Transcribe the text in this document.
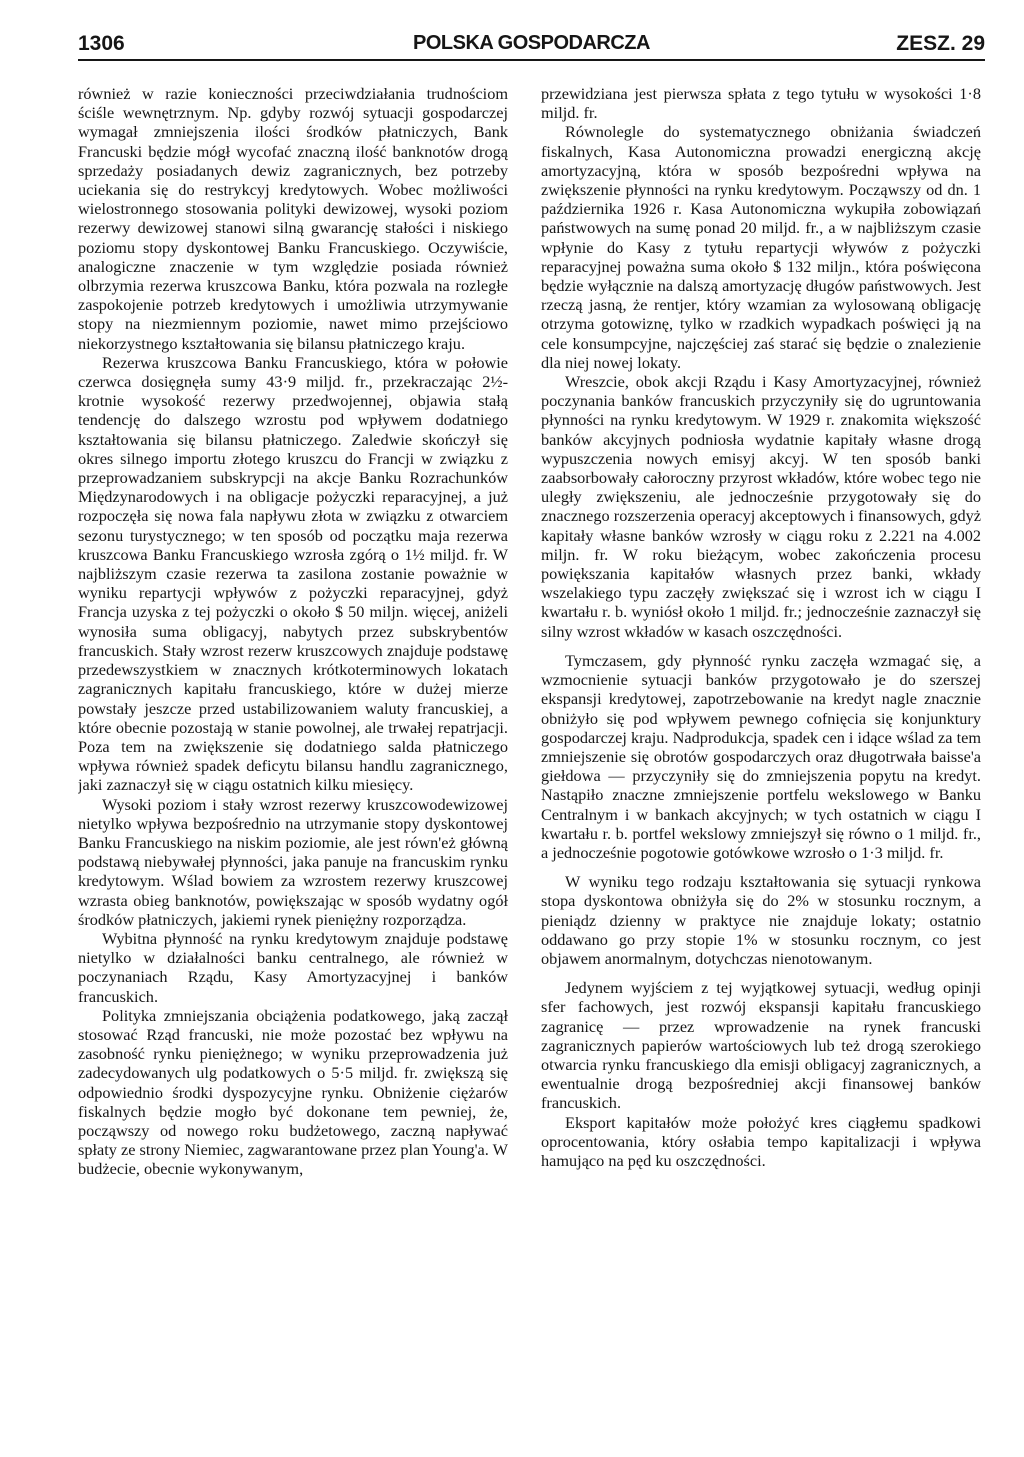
1306	POLSKA GOSPODARCZA	ZESZ. 29

również w razie konieczności przeciwdziałania trudnościom ściśle wewnętrznym. Np. gdyby rozwój sytuacji gospodarczej wymagał zmniejszenia ilości środków płatniczych, Bank Francuski będzie mógł wycofać znaczną ilość banknotów drogą sprzedaży posiadanych dewiz zagranicznych, bez potrzeby uciekania się do restrykcyj kredytowych. Wobec możliwości wielostronnego stosowania polityki dewizowej, wysoki poziom rezerwy dewizowej stanowi silną gwarancję stałości i niskiego poziomu stopy dyskontowej Banku Francuskiego. Oczywiście, analogiczne znaczenie w tym względzie posiada również olbrzymia rezerwa kruszcowa Banku, która pozwala na rozległe zaspokojenie potrzeb kredytowych i umożliwia utrzymywanie stopy na niezmiennym poziomie, nawet mimo przejściowo niekorzystnego kształtowania się bilansu płatniczego kraju.

Rezerwa kruszcowa Banku Francuskiego, która w połowie czerwca dosięgnęła sumy 43·9 miljd. fr., przekraczając 2½-krotnie wysokość rezerwy przedwojennej, objawia stałą tendencję do dalszego wzrostu pod wpływem dodatniego kształtowania się bilansu płatniczego. Zaledwie skończył się okres silnego importu złotego kruszcu do Francji w związku z przeprowadzaniem subskrypcji na akcje Banku Rozrachunków Międzynarodowych i na obligacje pożyczki reparacyjnej, a już rozpoczęła się nowa fala napływu złota w związku z otwarciem sezonu turystycznego; w ten sposób od początku maja rezerwa kruszcowa Banku Francuskiego wzrosła zgórą o 1½ miljd. fr. W najbliższym czasie rezerwa ta zasilona zostanie poważnie w wyniku repartycji wpływów z pożyczki reparacyjnej, gdyż Francja uzyska z tej pożyczki o około $ 50 miljn. więcej, aniżeli wynosiła suma obligacyj, nabytych przez subskrybentów francuskich. Stały wzrost rezerw kruszcowych znajduje podstawę przedewszystkiem w znacznych krótkoterminowych lokatach zagranicznych kapitału francuskiego, które w dużej mierze powstały jeszcze przed ustabilizowaniem waluty francuskiej, a które obecnie pozostają w stanie powolnej, ale trwałej repatrjacji. Poza tem na zwiększenie się dodatniego salda płatniczego wpływa również spadek deficytu bilansu handlu zagranicznego, jaki zaznaczył się w ciągu ostatnich kilku miesięcy.

Wysoki poziom i stały wzrost rezerwy kruszcowodewizowej nietylko wpływa bezpośrednio na utrzymanie stopy dyskontowej Banku Francuskiego na niskim poziomie, ale jest równ'eż główną podstawą niebywałej płynności, jaka panuje na francuskim rynku kredytowym. Wślad bowiem za wzrostem rezerwy kruszcowej wzrasta obieg banknotów, powiększając w sposób wydatny ogół środków płatniczych, jakiemi rynek pieniężny rozporządza.

Wybitna płynność na rynku kredytowym znajduje podstawę nietylko w działalności banku centralnego, ale również w poczynaniach Rządu, Kasy Amortyzacyjnej i banków francuskich.

Polityka zmniejszania obciążenia podatkowego, jaką zaczął stosować Rząd francuski, nie może pozostać bez wpływu na zasobność rynku pieniężnego; w wyniku przeprowadzenia już zadecydowanych ulg podatkowych o 5·5 miljd. fr. zwiększą się odpowiednio środki dyspozycyjne rynku. Obniżenie ciężarów fiskalnych będzie mogło być dokonane tem pewniej, że, począwszy od nowego roku budżetowego, zaczną napływać spłaty ze strony Niemiec, zagwarantowane przez plan Young'a. W budżecie, obecnie wykonywanym,

przewidziana jest pierwsza spłata z tego tytułu w wysokości 1·8 miljd. fr.

Równolegle do systematycznego obniżania świadczeń fiskalnych, Kasa Autonomiczna prowadzi energiczną akcję amortyzacyjną, która w sposób bezpośredni wpływa na zwiększenie płynności na rynku kredytowym. Począwszy od dn. 1 października 1926 r. Kasa Autonomiczna wykupiła zobowiązań państwowych na sumę ponad 20 miljd. fr., a w najbliższym czasie wpłynie do Kasy z tytułu repartycji wływów z pożyczki reparacyjnej poważna suma około $ 132 miljn., która poświęcona będzie wyłącznie na dalszą amortyzację długów państwowych. Jest rzeczą jasną, że rentjer, który wzamian za wylosowaną obligację otrzyma gotowiznę, tylko w rzadkich wypadkach poświęci ją na cele konsumpcyjne, najczęściej zaś starać się będzie o znalezienie dla niej nowej lokaty.

Wreszcie, obok akcji Rządu i Kasy Amortyzacyjnej, również poczynania banków francuskich przyczyniły się do ugruntowania płynności na rynku kredytowym. W 1929 r. znakomita większość banków akcyjnych podniosła wydatnie kapitały własne drogą wypuszczenia nowych emisyj akcyj. W ten sposób banki zaabsorbowały całoroczny przyrost wkładów, które wobec tego nie uległy zwiększeniu, ale jednocześnie przygotowały się do znacznego rozszerzenia operacyj akceptowych i finansowych, gdyż kapitały własne banków wzrosły w ciągu roku z 2.221 na 4.002 miljn. fr. W roku bieżącym, wobec zakończenia procesu powiększania kapitałów własnych przez banki, wkłady wszelakiego typu zaczęły zwiększać się i wzrost ich w ciągu I kwartału r. b. wyniósł około 1 miljd. fr.; jednocześnie zaznaczył się silny wzrost wkładów w kasach oszczędności.

Tymczasem, gdy płynność rynku zaczęła wzmagać się, a wzmocnienie sytuacji banków przygotowało je do szerszej ekspansji kredytowej, zapotrzebowanie na kredyt nagle znacznie obniżyło się pod wpływem pewnego cofnięcia się konjunktury gospodarczej kraju. Nadprodukcja, spadek cen i idące wślad za tem zmniejszenie się obrotów gospodarczych oraz długotrwała baisse'a giełdowa — przyczyniły się do zmniejszenia popytu na kredyt. Nastąpiło znaczne zmniejszenie portfelu wekslowego w Banku Centralnym i w bankach akcyjnych; w tych ostatnich w ciągu I kwartału r. b. portfel wekslowy zmniejszył się równo o 1 miljd. fr., a jednocześnie pogotowie gotówkowe wzrosło o 1·3 miljd. fr.

W wyniku tego rodzaju kształtowania się sytuacji rynkowa stopa dyskontowa obniżyła się do 2% w stosunku rocznym, a pieniądz dzienny w praktyce nie znajduje lokaty; ostatnio oddawano go przy stopie 1% w stosunku rocznym, co jest objawem anormalnym, dotychczas nienotowanym.

Jedynem wyjściem z tej wyjątkowej sytuacji, według opinji sfer fachowych, jest rozwój ekspansji kapitału francuskiego zagranicę — przez wprowadzenie na rynek francuski zagranicznych papierów wartościowych lub też drogą szerokiego otwarcia rynku francuskiego dla emisji obligacyj zagranicznych, a ewentualnie drogą bezpośredniej akcji finansowej banków francuskich.

Eksport kapitałów może położyć kres ciągłemu spadkowi oprocentowania, który osłabia tempo kapitalizacji i wpływa hamująco na pęd ku oszczędności.
